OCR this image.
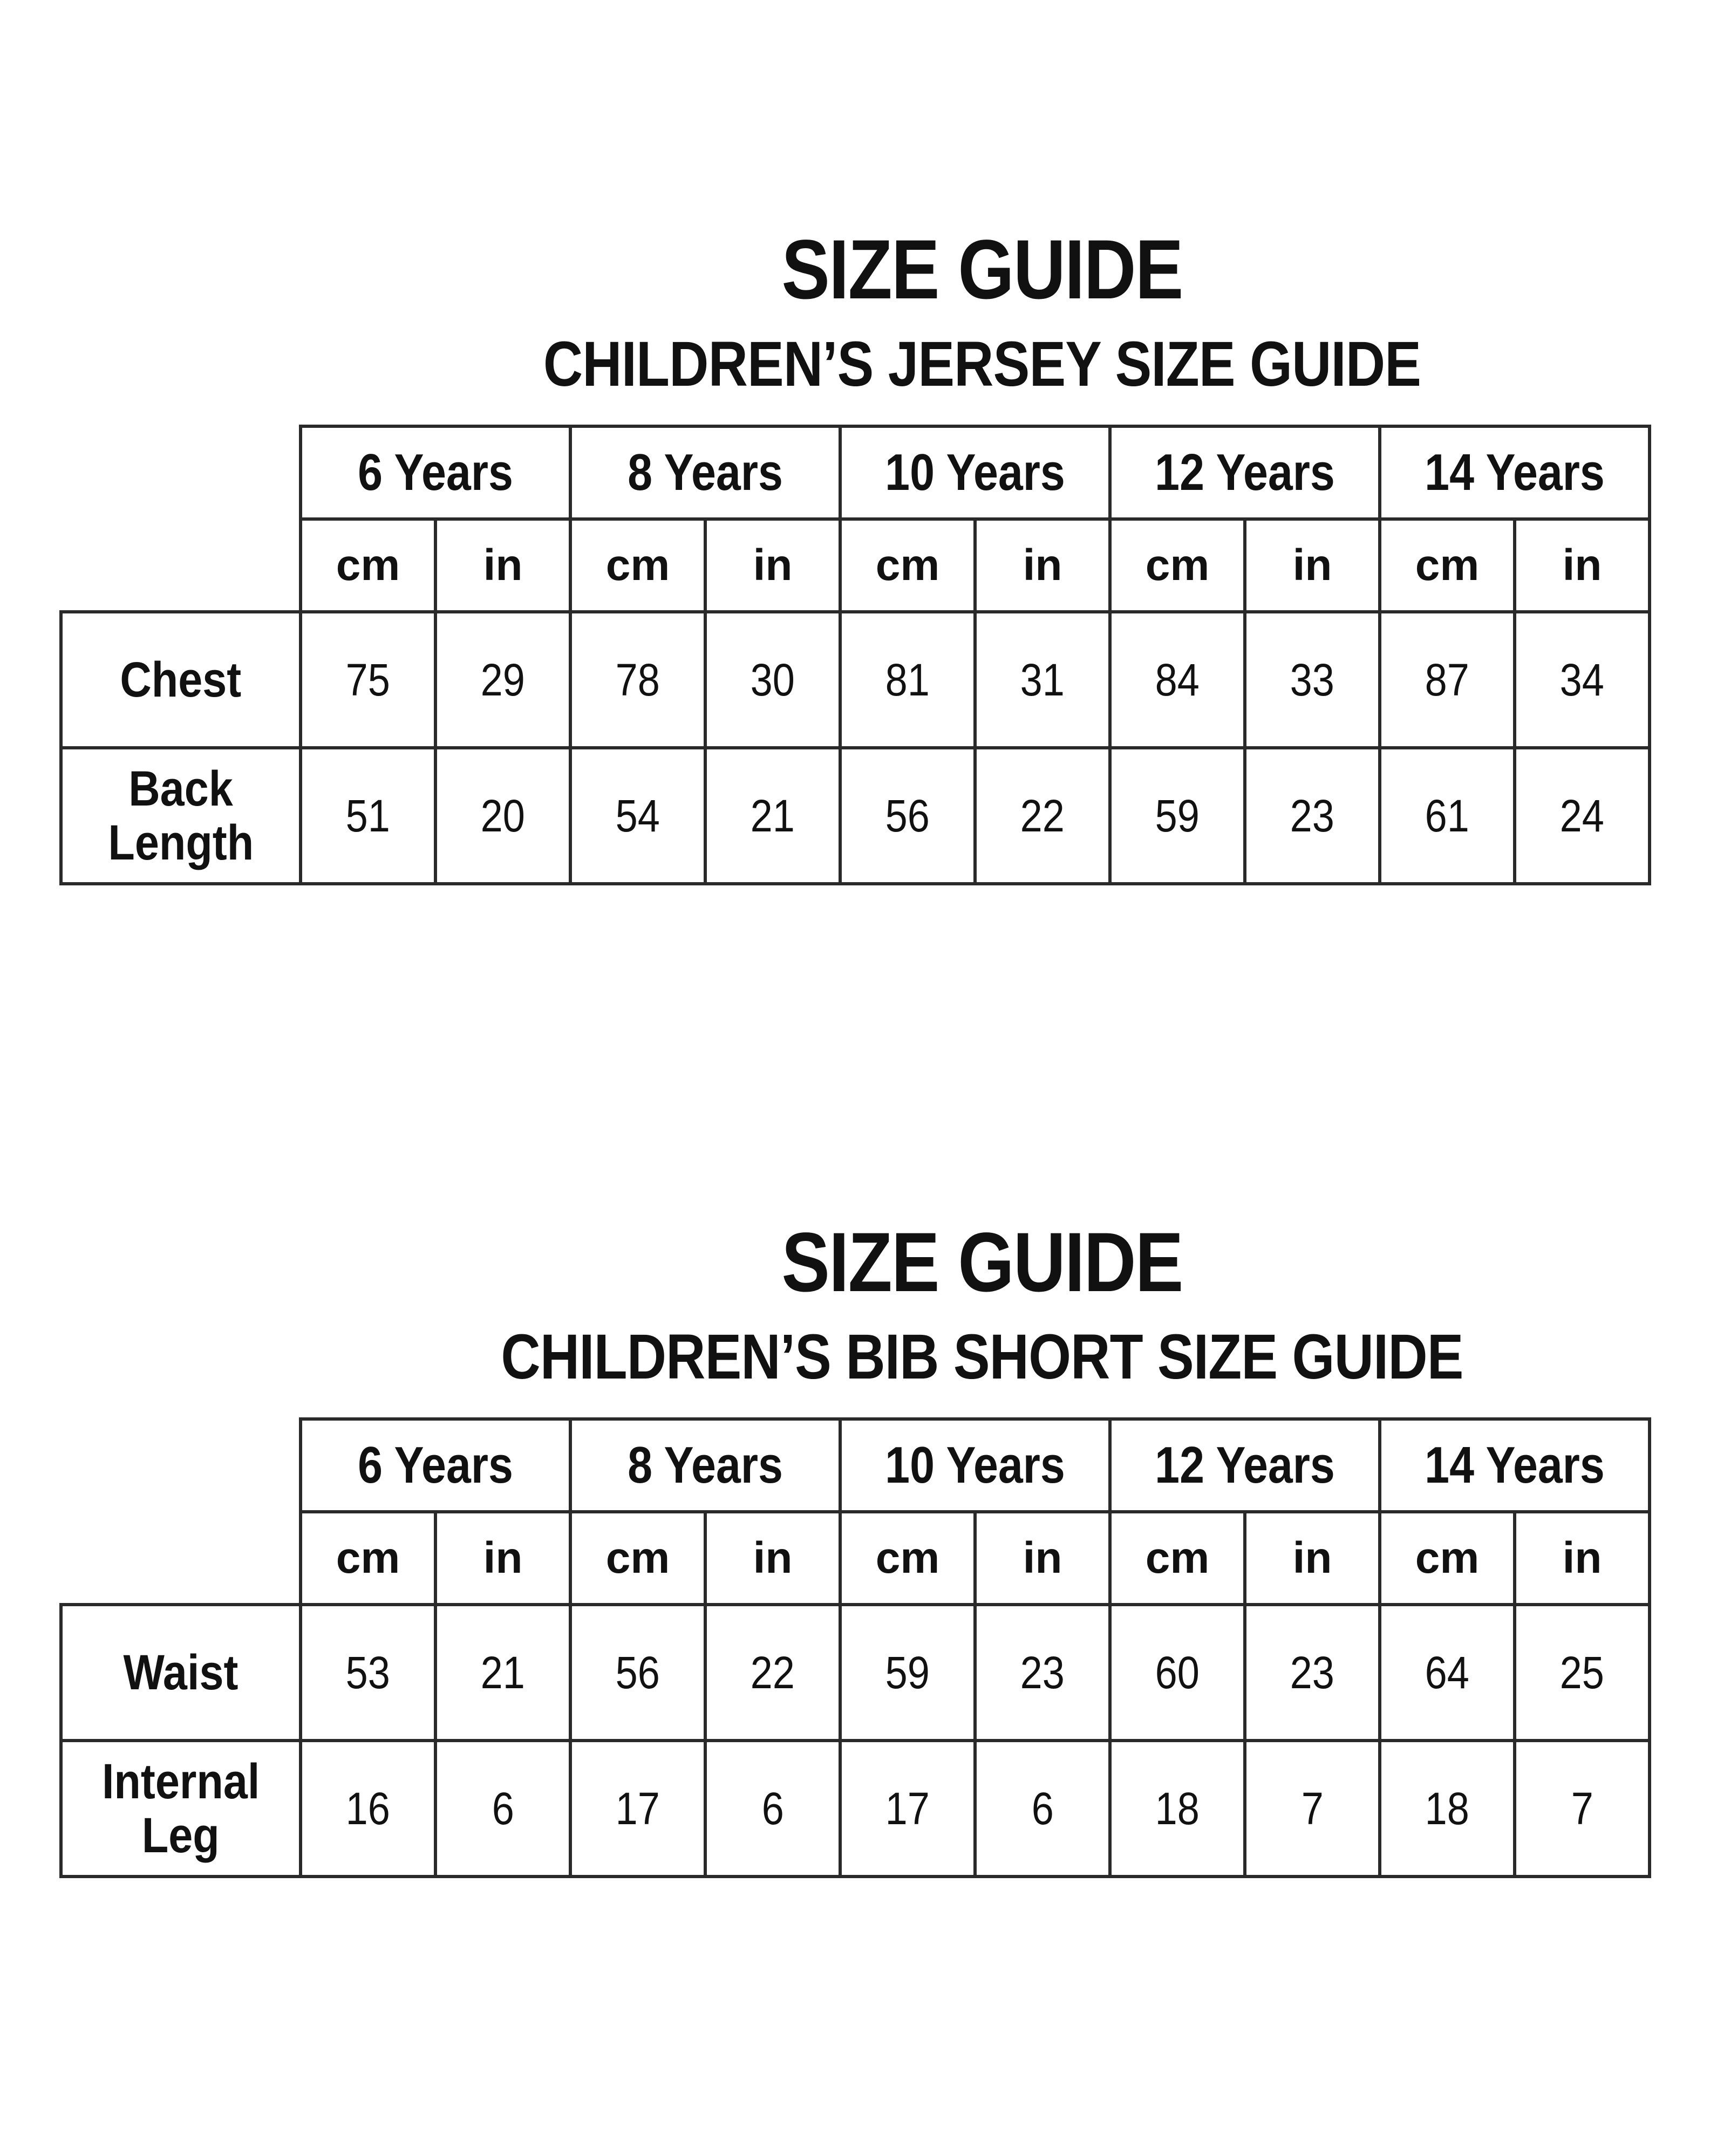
SIZE GUIDE
CHILDREN’S JERSEY SIZE GUIDE

	6 Years		8 Years		10 Years		12 Years		14 Years	

	cm	in	cm	in	cm	in	cm	in	cm	in
Chest	75	29	78	30	81	31	84	33	87	34
Back
Length	51	20	54	21	56	22	59	23	61	24
SIZE GUIDE
CHILDREN’S BIB SHORT SIZE GUIDE

	6 Years		8 Years		10 Years		12 Years		14 Years	

	cm	in	cm	in	cm	in	cm	in	cm	in
Waist	53	21	56	22	59	23	60	23	64	25
Internal
Leg	16	6	17	6	17	6	18	7	18	7
